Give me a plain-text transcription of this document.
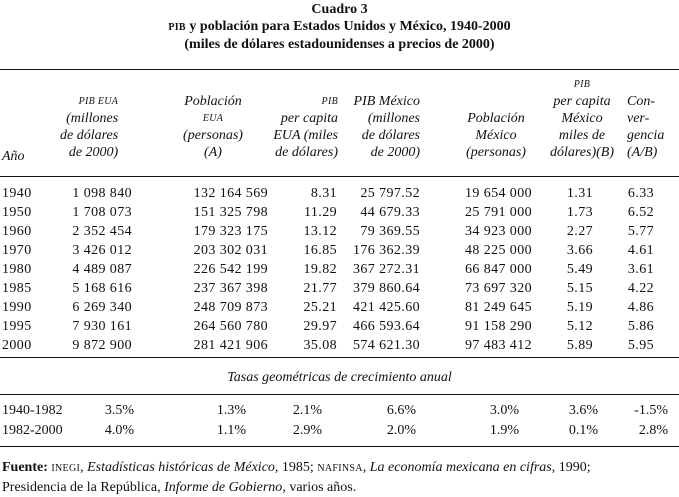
Cuadro 3
PIB y población para Estados Unidos y México, 1940-2000
(miles de dólares estadounidenses a precios de 2000)
Año
PIB EUA
(millones
de dólares
de 2000)
Población
EUA
(personas)
(A)
PIB
per capita
EUA (miles
de dólares)
PIB México
(millones
de dólares
de 2000)
Población
México
(personas)
PIB
per capita
México
miles de
dólares)(B)
Con-
ver-
gencia
(A/B)
1940	1 098 840	132 164 569	8.31	25 797.52	19 654 000	1.31	6.33
1950	1 708 073	151 325 798	11.29	44 679.33	25 791 000	1.73	6.52
1960	2 352 454	179 323 175	13.12	79 369.55	34 923 000	2.27	5.77
1970	3 426 012	203 302 031	16.85	176 362.39	48 225 000	3.66	4.61
1980	4 489 087	226 542 199	19.82	367 272.31	66 847 000	5.49	3.61
1985	5 168 616	237 367 398	21.77	379 860.64	73 697 320	5.15	4.22
1990	6 269 340	248 709 873	25.21	421 425.60	81 249 645	5.19	4.86
1995	7 930 161	264 560 780	29.97	466 593.64	91 158 290	5.12	5.86
2000	9 872 900	281 421 906	35.08	574 621.30	97 483 412	5.89	5.95
Tasas geométricas de crecimiento anual
1940-1982	3.5%	1.3%	2.1%	6.6%	3.0%	3.6%	-1.5%
1982-2000	4.0%	1.1%	2.9%	2.0%	1.9%	0.1%	2.8%
Fuente: INEGI, Estadísticas históricas de México, 1985; NAFINSA, La economía mexicana en cifras, 1990;
Presidencia de la República, Informe de Gobierno, varios años.
